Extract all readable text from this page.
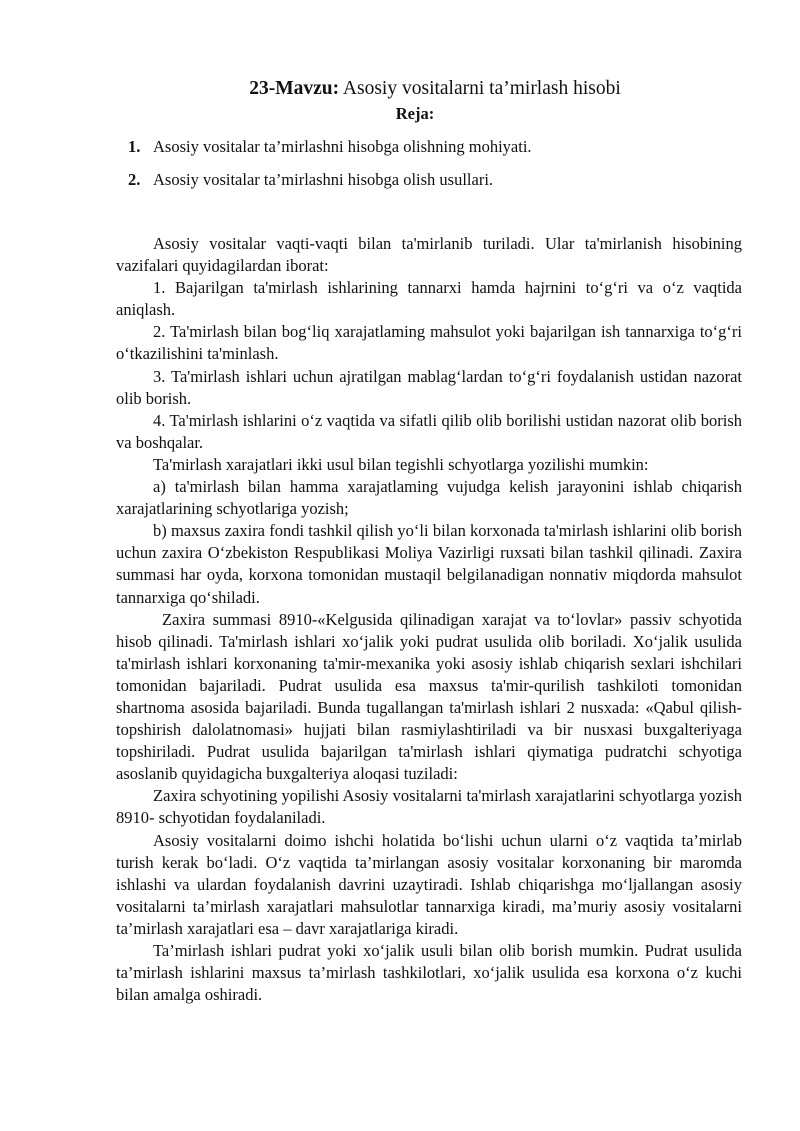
23-Mavzu: Asosiy vositalarni ta’mirlash hisobi
Reja:
1. Asosiy vositalar ta’mirlashni hisobga olishning mohiyati.
2. Asosiy vositalar ta’mirlashni hisobga olish usullari.

Asosiy vositalar vaqti-vaqti bilan ta'mirlanib turiladi. Ular ta'mirlanish hisobining vazifalari quyidagilardan iborat:

1. Bajarilgan ta'mirlash ishlarining tannarxi hamda hajrnini to‘g‘ri va o‘z vaqtida aniqlash.

2. Ta'mirlash bilan bog‘liq xarajatlaming mahsulot yoki bajarilgan ish tannarxiga to‘g‘ri o‘tkazilishini ta'minlash.

3. Ta'mirlash ishlari uchun ajratilgan mablag‘lardan to‘g‘ri foydalanish ustidan nazorat olib borish.

4. Ta'mirlash ishlarini o‘z vaqtida va sifatli qilib olib borilishi ustidan nazorat olib borish va boshqalar.

Ta'mirlash xarajatlari ikki usul bilan tegishli schyotlarga yozilishi mumkin:

a) ta'mirlash bilan hamma xarajatlaming vujudga kelish jarayonini ishlab chiqarish xarajatlarining schyotlariga yozish;

b) maxsus zaxira fondi tashkil qilish yo‘li bilan korxonada ta'mirlash ishlarini olib borish uchun zaxira O‘zbekiston Respublikasi Moliya Vazirligi ruxsati bilan tashkil qilinadi. Zaxira summasi har oyda, korxona tomonidan mustaqil belgilanadigan nonnativ miqdorda mahsulot tannarxiga qo‘shiladi.

Zaxira summasi 8910-«Kelgusida qilinadigan xarajat va to‘lovlar» passiv schyotida hisob qilinadi. Ta'mirlash ishlari xo‘jalik yoki pudrat usulida olib boriladi. Xo‘jalik usulida ta'mirlash ishlari korxonaning ta'mir-mexanika yoki asosiy ishlab chiqarish sexlari ishchilari tomonidan bajariladi. Pudrat usulida esa maxsus ta'mir-qurilish tashkiloti tomonidan shartnoma asosida bajariladi. Bunda tugallangan ta'mirlash ishlari 2 nusxada: «Qabul qilish-topshirish dalolatnomasi» hujjati bilan rasmiylashtiriladi va bir nusxasi buxgalteriyaga topshiriladi. Pudrat usulida bajarilgan ta'mirlash ishlari qiymatiga pudratchi schyotiga asoslanib quyidagicha buxgalteriya aloqasi tuziladi:

Zaxira schyotining yopilishi Asosiy vositalarni ta'mirlash xarajatlarini schyotlarga yozish 8910- schyotidan foydalaniladi.

Asosiy vositalarni doimo ishchi holatida bo‘lishi uchun ularni o‘z vaqtida ta’mirlab turish kerak bo‘ladi. O‘z vaqtida ta’mirlangan asosiy vositalar korxonaning bir maromda ishlashi va ulardan foydalanish davrini uzaytiradi. Ishlab chiqarishga mo‘ljallangan asosiy vositalarni ta’mirlash xarajatlari mahsulotlar tannarxiga kiradi, ma’muriy asosiy vositalarni ta’mirlash xarajatlari esa – davr xarajatlariga kiradi.

Ta’mirlash ishlari pudrat yoki xo‘jalik usuli bilan olib borish mumkin. Pudrat usulida ta’mirlash ishlarini maxsus ta’mirlash tashkilotlari, xo‘jalik usulida esa korxona o‘z kuchi bilan amalga oshiradi.
